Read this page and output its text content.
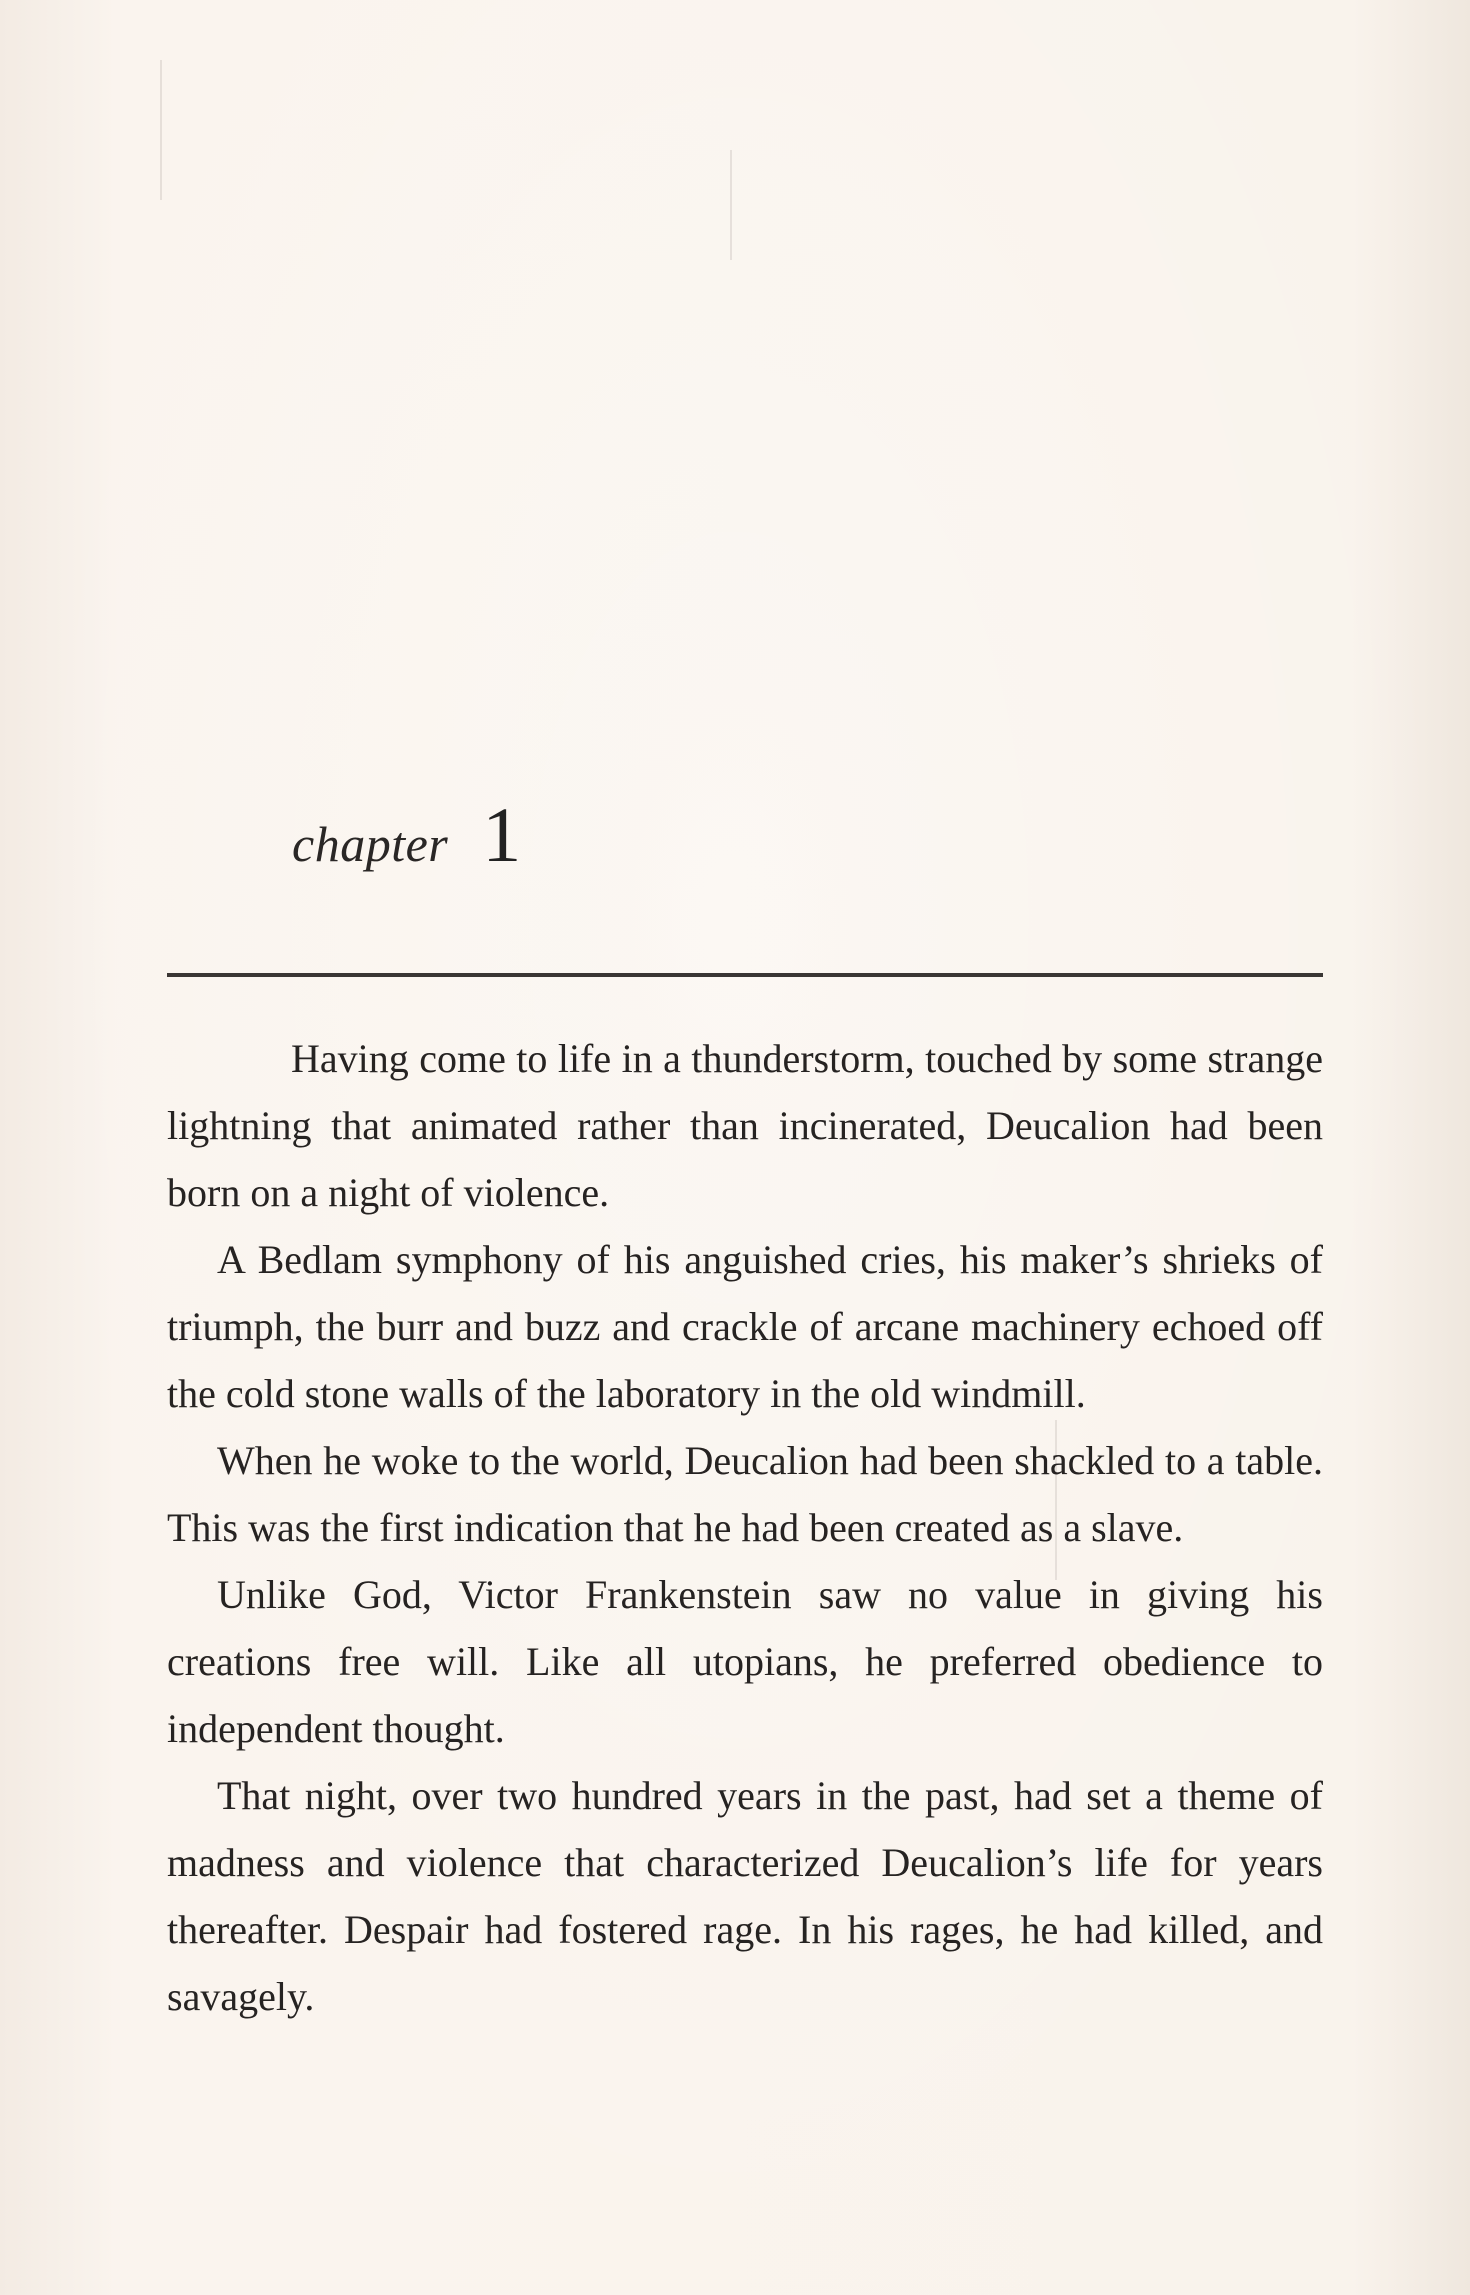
chapter 1

Having come to life in a thunderstorm, touched by some strange lightning that animated rather than incinerated, Deucalion had been born on a night of violence.

A Bedlam symphony of his anguished cries, his maker’s shrieks of triumph, the burr and buzz and crackle of arcane machinery echoed off the cold stone walls of the laboratory in the old windmill.

When he woke to the world, Deucalion had been shackled to a table. This was the first indication that he had been created as a slave.

Unlike God, Victor Frankenstein saw no value in giving his creations free will. Like all utopians, he preferred obedience to independent thought.

That night, over two hundred years in the past, had set a theme of madness and violence that characterized Deucalion’s life for years thereafter. Despair had fostered rage. In his rages, he had killed, and savagely.
